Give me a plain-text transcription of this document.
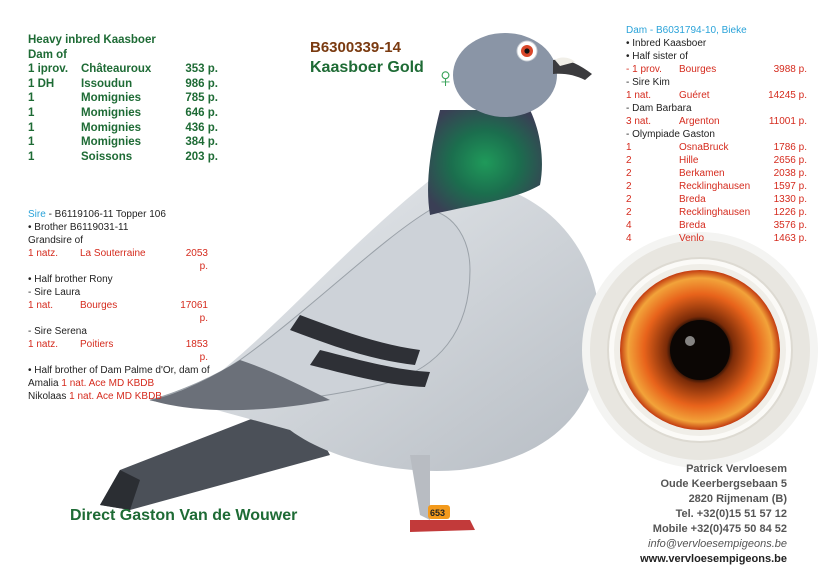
653
B6300339-14
Kaasboer Gold ♀
Heavy inbred Kaasboer
Dam of
1 iprov.	Châteauroux	353 p.
1 DH	Issoudun	986 p.
1	Momignies	785 p.
1	Momignies	646 p.
1	Momignies	436 p.
1	Momignies	384 p.
1	Soissons	203 p.
Sire - B6119106-11 Topper 106
• Brother B6119031-11
Grandsire of
1 natz.	La Souterraine	2053 p.
• Half brother Rony
- Sire Laura
1 nat.	Bourges	17061 p.
- Sire Serena
1 natz.	Poitiers	1853 p.
• Half brother of Dam Palme d'Or, dam of
Amalia 1 nat. Ace MD KBDB
Nikolaas 1 nat. Ace MD KBDB
Dam - B6031794-10, Bieke
• Inbred Kaasboer
• Half sister of
- 1 prov.	Bourges	3988 p.
- Sire Kim
1 nat.	Guéret	14245 p.
- Dam Barbara
3 nat.	Argenton	11001 p.
- Olympiade Gaston
1	OsnaBruck	1786 p.
2	Hille	2656 p.
2	Berkamen	2038 p.
2	Recklinghausen	1597 p.
2	Breda	1330 p.
2	Recklinghausen	1226 p.
4	Breda	3576 p.
4	Venlo	1463 p.
Direct Gaston Van de Wouwer
Patrick Vervloesem
Oude Keerbergsebaan 5
2820 Rijmenam (B)
Tel. +32(0)15 51 57 12
Mobile +32(0)475 50 84 52
info@vervloesempigeons.be
www.vervloesempigeons.be
